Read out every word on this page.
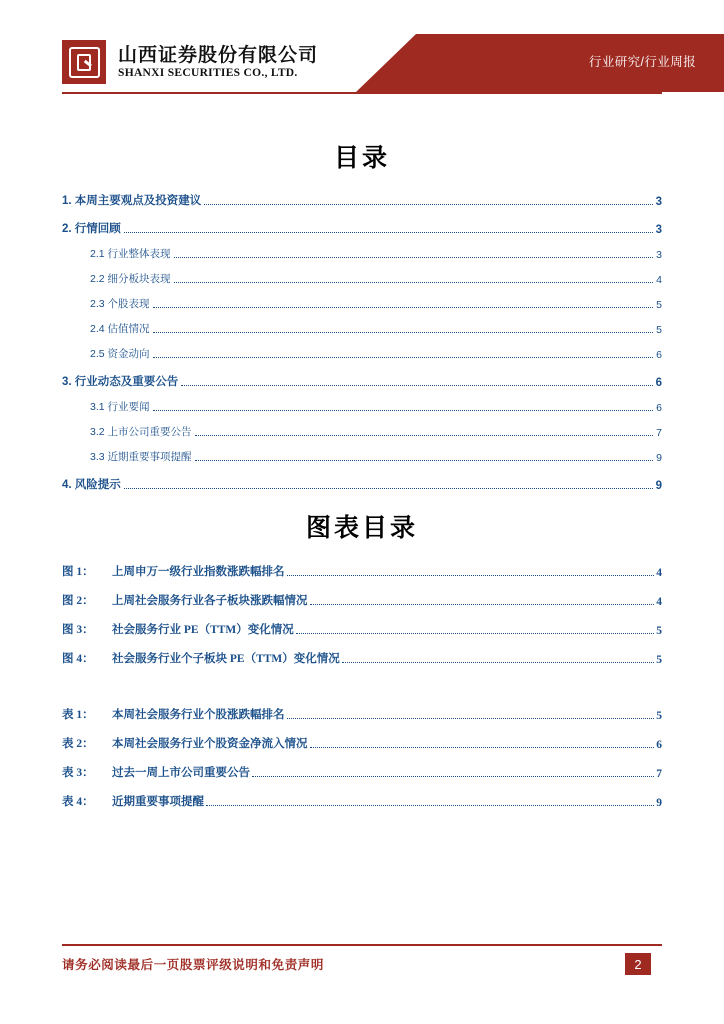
行业研究/行业周报
山西证券股份有限公司
SHANXI SECURITIES CO., LTD.
目录
1. 本周主要观点及投资建议	3
2. 行情回顾	3
2.1 行业整体表现	3
2.2 细分板块表现	4
2.3 个股表现	5
2.4 估值情况	5
2.5 资金动向	6
3. 行业动态及重要公告	6
3.1 行业要闻	6
3.2 上市公司重要公告	7
3.3 近期重要事项提醒	9
4. 风险提示	9
图表目录
图 1：	上周申万一级行业指数涨跌幅排名	4
图 2：	上周社会服务行业各子板块涨跌幅情况	4
图 3：	社会服务行业 PE（TTM）变化情况	5
图 4：	社会服务行业个子板块 PE（TTM）变化情况	5
表 1：	本周社会服务行业个股涨跌幅排名	5
表 2：	本周社会服务行业个股资金净流入情况	6
表 3：	过去一周上市公司重要公告	7
表 4：	近期重要事项提醒	9
请务必阅读最后一页股票评级说明和免责声明	2
